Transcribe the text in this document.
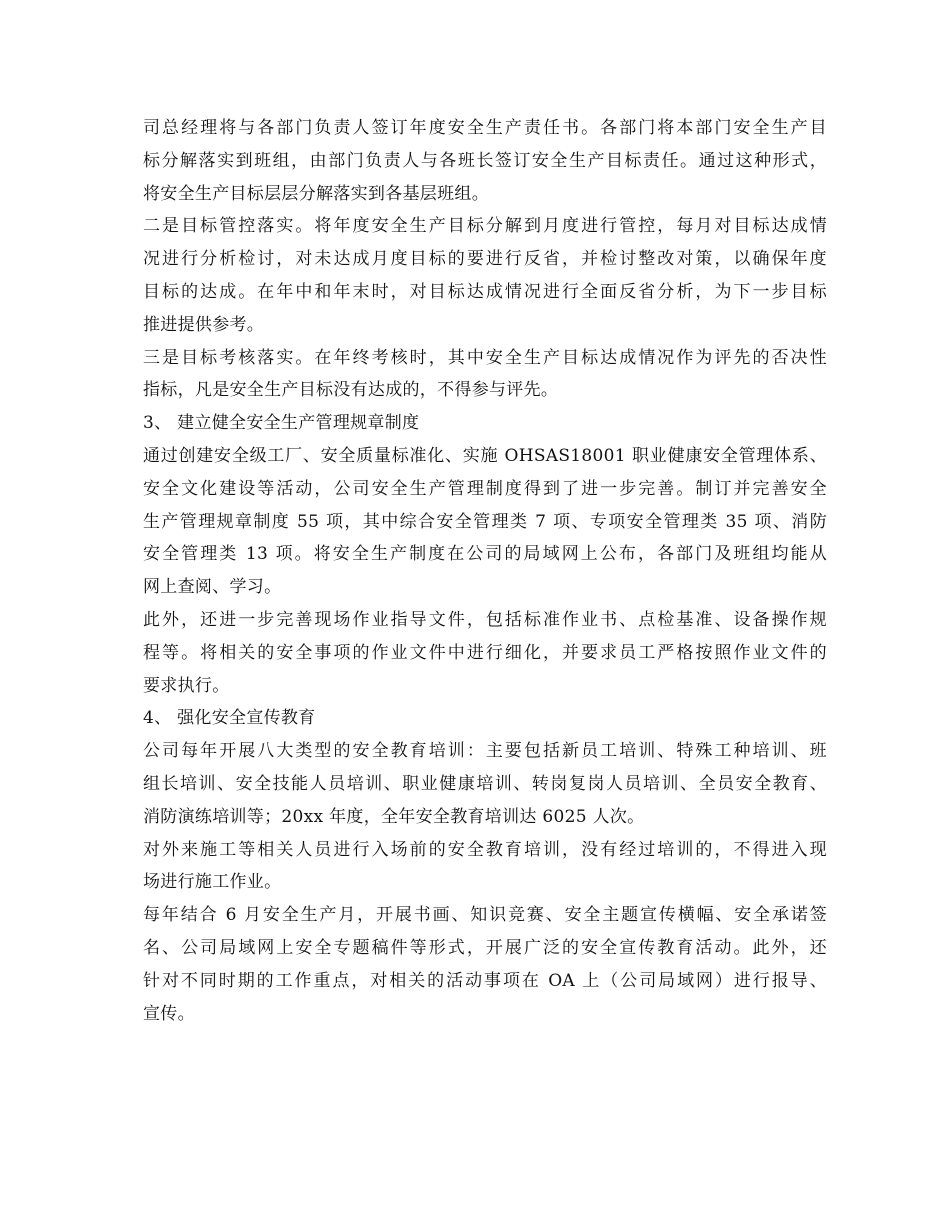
司总经理将与各部门负责人签订年度安全生产责任书。各部门将本部门安全生产目
标分解落实到班组，由部门负责人与各班长签订安全生产目标责任。通过这种形式，
将安全生产目标层层分解落实到各基层班组。
二是目标管控落实。将年度安全生产目标分解到月度进行管控，每月对目标达成情
况进行分析检讨，对未达成月度目标的要进行反省，并检讨整改对策，以确保年度
目标的达成。在年中和年末时，对目标达成情况进行全面反省分析，为下一步目标
推进提供参考。
三是目标考核落实。在年终考核时，其中安全生产目标达成情况作为评先的否决性
指标，凡是安全生产目标没有达成的，不得参与评先。
3、 建立健全安全生产管理规章制度
通过创建安全级工厂、安全质量标准化、实施 OHSAS18001 职业健康安全管理体系、
安全文化建设等活动，公司安全生产管理制度得到了进一步完善。制订并完善安全
生产管理规章制度 55 项，其中综合安全管理类 7 项、专项安全管理类 35 项、消防
安全管理类 13 项。将安全生产制度在公司的局域网上公布，各部门及班组均能从
网上查阅、学习。
此外，还进一步完善现场作业指导文件，包括标准作业书、点检基准、设备操作规
程等。将相关的安全事项的作业文件中进行细化，并要求员工严格按照作业文件的
要求执行。
4、 强化安全宣传教育
公司每年开展八大类型的安全教育培训：主要包括新员工培训、特殊工种培训、班
组长培训、安全技能人员培训、职业健康培训、转岗复岗人员培训、全员安全教育、
消防演练培训等；20xx 年度，全年安全教育培训达 6025 人次。
对外来施工等相关人员进行入场前的安全教育培训，没有经过培训的，不得进入现
场进行施工作业。
每年结合 6 月安全生产月，开展书画、知识竞赛、安全主题宣传横幅、安全承诺签
名、公司局域网上安全专题稿件等形式，开展广泛的安全宣传教育活动。此外，还
针对不同时期的工作重点，对相关的活动事项在 OA 上（公司局域网）进行报导、
宣传。
